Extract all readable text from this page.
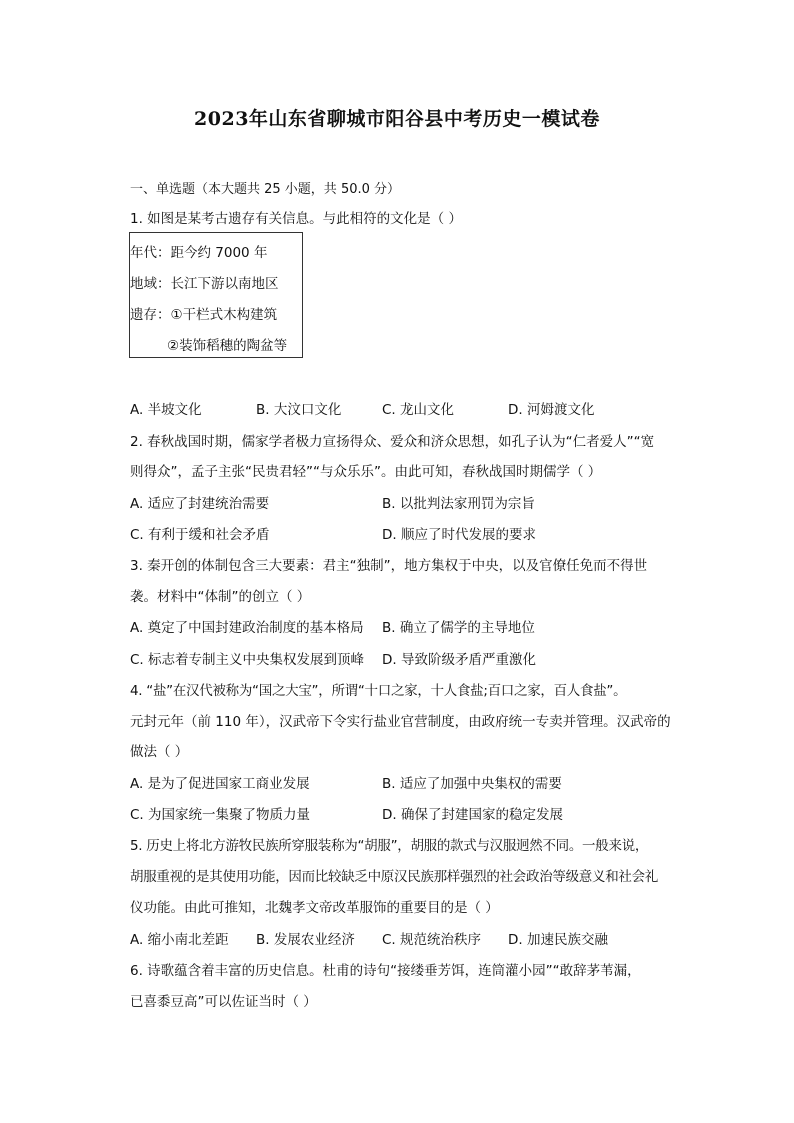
2023年山东省聊城市阳谷县中考历史一模试卷
一、单选题（本大题共 25 小题，共 50.0 分）
1. 如图是某考古遗存有关信息。与此相符的文化是（ ）
年代：距今约 7000 年
地域：长江下游以南地区
遗存：①干栏式木构建筑
②装饰稻穗的陶盆等
A. 半坡文化	B. 大汶口文化	C. 龙山文化	D. 河姆渡文化
2. 春秋战国时期，儒家学者极力宣扬得众、爱众和济众思想，如孔子认为“仁者爱人”“宽
则得众”，孟子主张“民贵君轻”“与众乐乐”。由此可知，春秋战国时期儒学（ ）
A. 适应了封建统治需要	B. 以批判法家刑罚为宗旨
C. 有利于缓和社会矛盾	D. 顺应了时代发展的要求
3. 秦开创的体制包含三大要素：君主“独制”，地方集权于中央，以及官僚任免而不得世
袭。材料中“体制”的创立（ ）
A. 奠定了中国封建政治制度的基本格局 B. 确立了儒学的主导地位
C. 标志着专制主义中央集权发展到顶峰 D. 导致阶级矛盾严重激化
4. “盐”在汉代被称为“国之大宝”，所谓“十口之家，十人食盐;百口之家，百人食盐”。
元封元年（前 110 年），汉武帝下令实行盐业官营制度，由政府统一专卖并管理。汉武帝的
做法（ ）
A. 是为了促进国家工商业发展	B. 适应了加强中央集权的需要
C. 为国家统一集聚了物质力量	D. 确保了封建国家的稳定发展
5. 历史上将北方游牧民族所穿服装称为“胡服”，胡服的款式与汉服迥然不同。一般来说，
胡服重视的是其使用功能，因而比较缺乏中原汉民族那样强烈的社会政治等级意义和社会礼
仪功能。由此可推知，北魏孝文帝改革服饰的重要目的是（ ）
A. 缩小南北差距 B. 发展农业经济 C. 规范统治秩序 D. 加速民族交融
6. 诗歌蕴含着丰富的历史信息。杜甫的诗句“接缕垂芳饵，连筒灌小园”“敢辞茅苇漏，
已喜黍豆高”可以佐证当时（ ）
